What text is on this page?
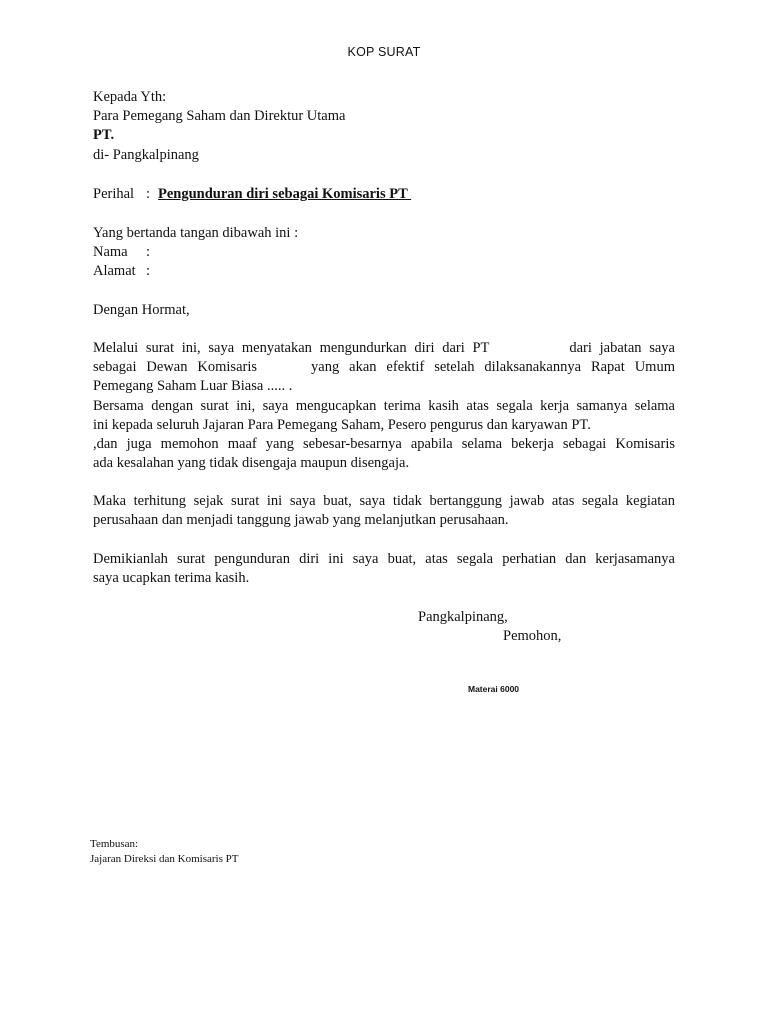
KOP SURAT
Kepada Yth:
Para Pemegang Saham dan Direktur Utama
PT.
di- Pangkalpinang
Perihal : Pengunduran diri sebagai Komisaris PT
Yang bertanda tangan dibawah ini :
Nama :
Alamat :
Dengan Hormat,
Melalui surat ini, saya menyatakan mengundurkan diri dari PT	dari jabatan saya
sebagai Dewan Komisaris	yang akan efektif setelah dilaksanakannya Rapat Umum
Pemegang Saham Luar Biasa ..... .
Bersama dengan surat ini, saya mengucapkan terima kasih atas segala kerja samanya selama
ini kepada seluruh Jajaran Para Pemegang Saham, Pesero pengurus dan karyawan PT.
,dan juga memohon maaf yang sebesar-besarnya apabila selama bekerja sebagai Komisaris
ada kesalahan yang tidak disengaja maupun disengaja.
Maka terhitung sejak surat ini saya buat, saya tidak bertanggung jawab atas segala kegiatan
perusahaan dan menjadi tanggung jawab yang melanjutkan perusahaan.
Demikianlah surat pengunduran diri ini saya buat, atas segala perhatian dan kerjasamanya
saya ucapkan terima kasih.
Pangkalpinang,
Pemohon,
Materai 6000
Tembusan:
Jajaran Direksi dan Komisaris PT
